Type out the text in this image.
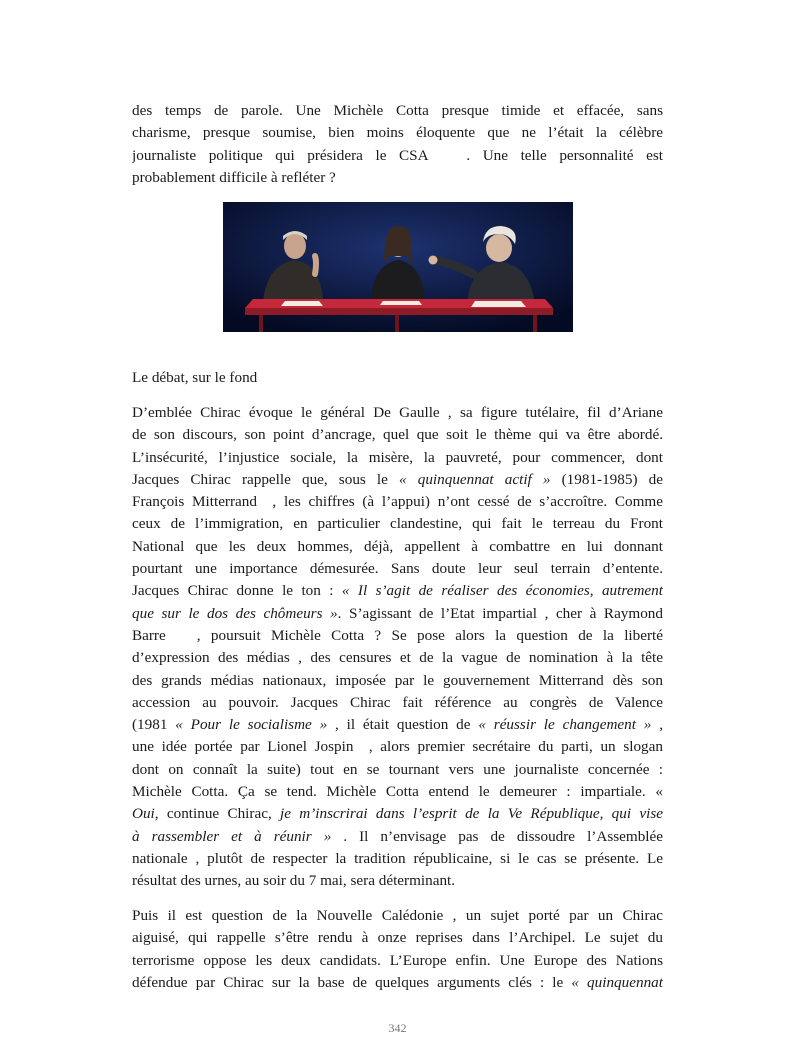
des temps de parole. Une Michèle Cotta presque timide et effacée, sans
charisme, presque soumise, bien moins éloquente que ne l’était la célèbre
journaliste politique qui présidera le CSA   . Une telle personnalité est
probablement difficile à refléter ?
Le débat, sur le fond
D’emblée Chirac évoque le général De Gaulle , sa figure tutélaire, fil d’Ariane
de son discours, son point d’ancrage, quel que soit le thème qui va être abordé.
L’insécurité, l’injustice sociale, la misère, la pauvreté, pour commencer, dont
Jacques Chirac rappelle que, sous le « quinquennat actif » (1981-1985) de
François Mitterrand  , les chiffres (à l’appui) n’ont cessé de s’accroître. Comme
ceux de l’immigration, en particulier clandestine, qui fait le terreau du Front
National que les deux hommes, déjà, appellent à combattre en lui donnant
pourtant une importance démesurée. Sans doute leur seul terrain d’entente.
Jacques Chirac donne le ton : « Il s’agit de réaliser des économies, autrement
que sur le dos des chômeurs ». S’agissant de l’Etat impartial , cher à Raymond
Barre   , poursuit Michèle Cotta ? Se pose alors la question de la liberté
d’expression des médias , des censures et de la vague de nomination à la tête
des grands médias nationaux, imposée par le gouvernement Mitterrand dès son
accession au pouvoir. Jacques Chirac fait référence au congrès de Valence
(1981 « Pour le socialisme » , il était question de « réussir le changement » ,
une idée portée par Lionel Jospin  , alors premier secrétaire du parti, un slogan
dont on connaît la suite) tout en se tournant vers une journaliste concernée :
Michèle Cotta. Ça se tend. Michèle Cotta entend le demeurer : impartiale. «
Oui, continue Chirac, je m’inscrirai dans l’esprit de la Ve République, qui vise
à rassembler et à réunir » . Il n’envisage pas de dissoudre l’Assemblée
nationale , plutôt de respecter la tradition républicaine, si le cas se présente. Le
résultat des urnes, au soir du 7 mai, sera déterminant.
Puis il est question de la Nouvelle Calédonie , un sujet porté par un Chirac
aiguisé, qui rappelle s’être rendu à onze reprises dans l’Archipel. Le sujet du
terrorisme oppose les deux candidats. L’Europe enfin. Une Europe des Nations
défendue par Chirac sur la base de quelques arguments clés : le « quinquennat
342
